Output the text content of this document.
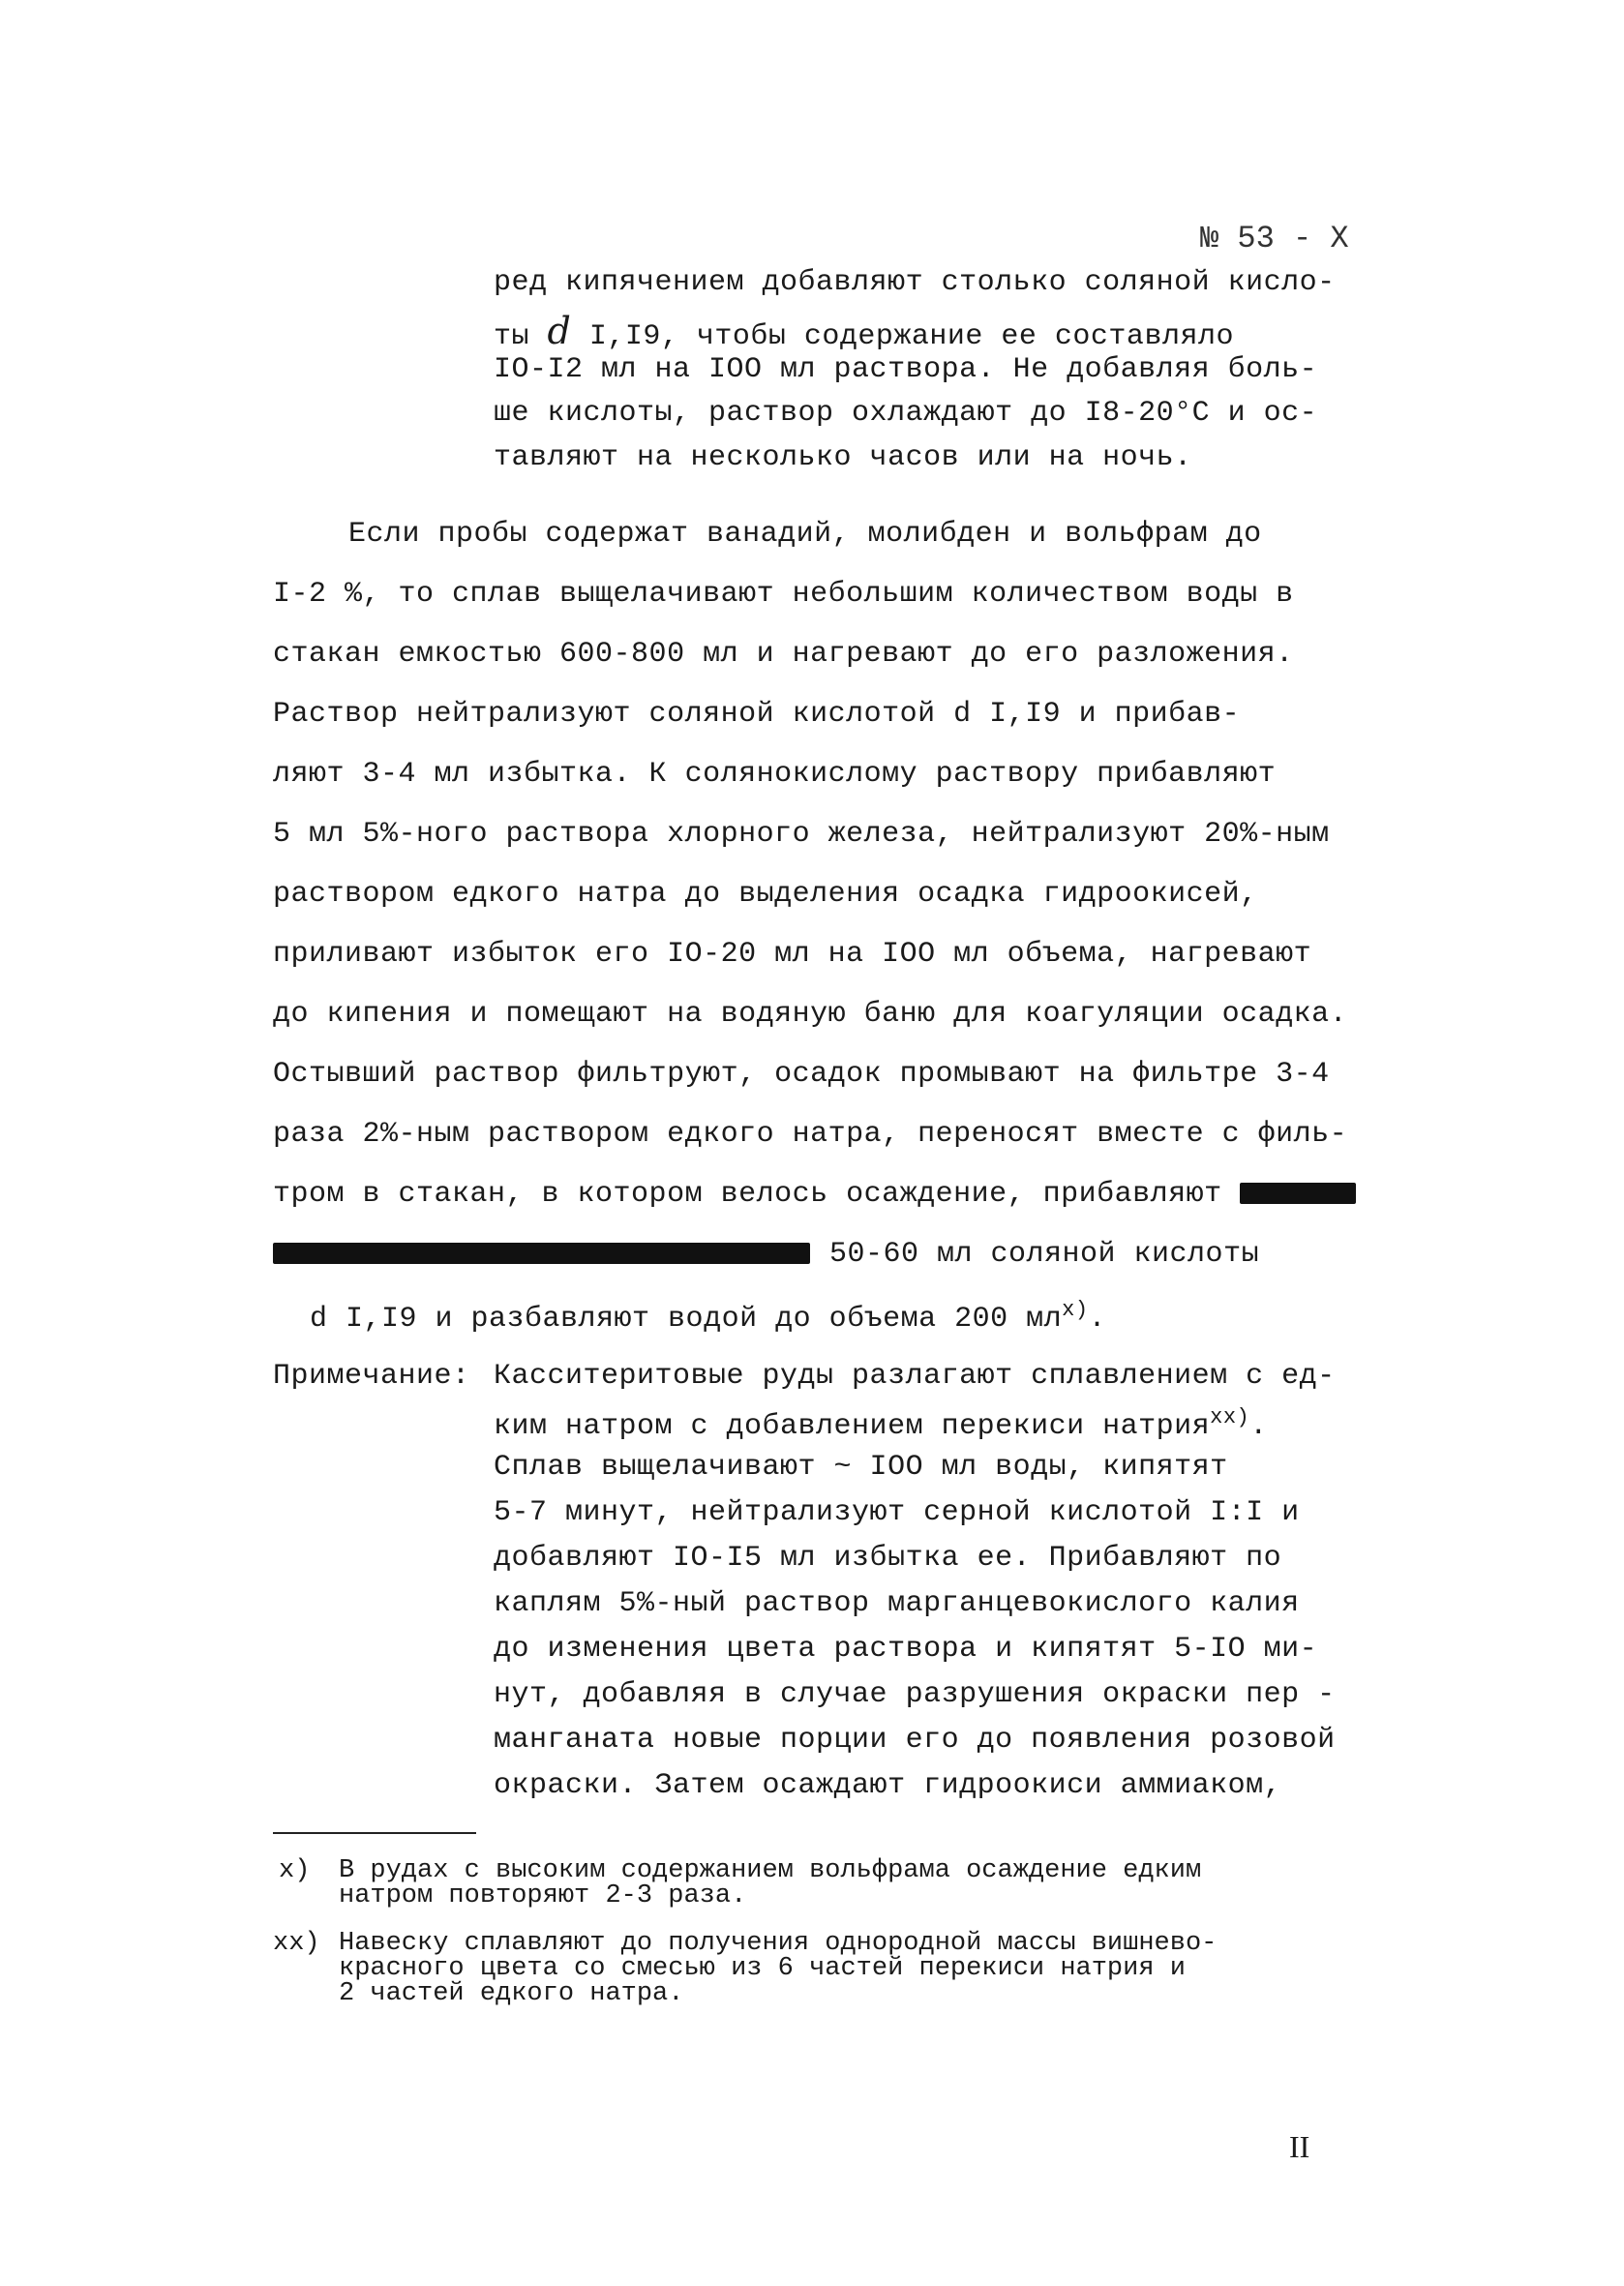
№ 53 - Х
ред кипячением добавляют столько соляной кисло-
ты d I,I9, чтобы содержание ее составляло
IO-I2 мл на IOO мл раствора. Не добавляя боль-
ше кислоты, раствор охлаждают до I8-20°С и ос-
тавляют на несколько часов или на ночь.
Если пробы содержат ванадий, молибден и вольфрам до
I-2 %, то сплав выщелачивают небольшим количеством воды в
стакан емкостью 600-800 мл и нагревают до его разложения.
Раствор нейтрализуют соляной кислотой d I,I9 и прибав-
ляют 3-4 мл избытка. К солянокислому раствору прибавляют
5 мл 5%-ного раствора хлорного железа, нейтрализуют 20%-ным
раствором едкого натра до выделения осадка гидроокисей,
приливают избыток его IO-20 мл на IOO мл объема, нагревают
до кипения и помещают на водяную баню для коагуляции осадка.
Остывший раствор фильтруют, осадок промывают на фильтре 3-4
раза 2%-ным раствором едкого натра, переносят вместе с филь-
тром в стакан, в котором велось осаждение, прибавляют
50-60 мл соляной кислоты
d I,I9 и разбавляют водой до объема 200 $мл^{х)}$.
Примечание: Касситеритовые руды разлагают сплавлением с ед-
ким натром с добавлением перекиси натрия$^{хх)}$.
Сплав выщелачивают ~ IOO мл воды, кипятят
5-7 минут, нейтрализуют серной кислотой I:I и
добавляют IO-I5 мл избытка ее. Прибавляют по
каплям 5%-ный раствор марганцевокислого калия
до изменения цвета раствора и кипятят 5-IO ми-
нут, добавляя в случае разрушения окраски пер -
манганата новые порции его до появления розовой
окраски. Затем осаждают гидроокиси аммиаком,
х) В рудах с высоким содержанием вольфрама осаждение едким
натром повторяют 2-3 раза.
хх) Навеску сплавляют до получения однородной массы вишнево-
красного цвета со смесью из 6 частей перекиси натрия и
2 частей едкого натра.
II
